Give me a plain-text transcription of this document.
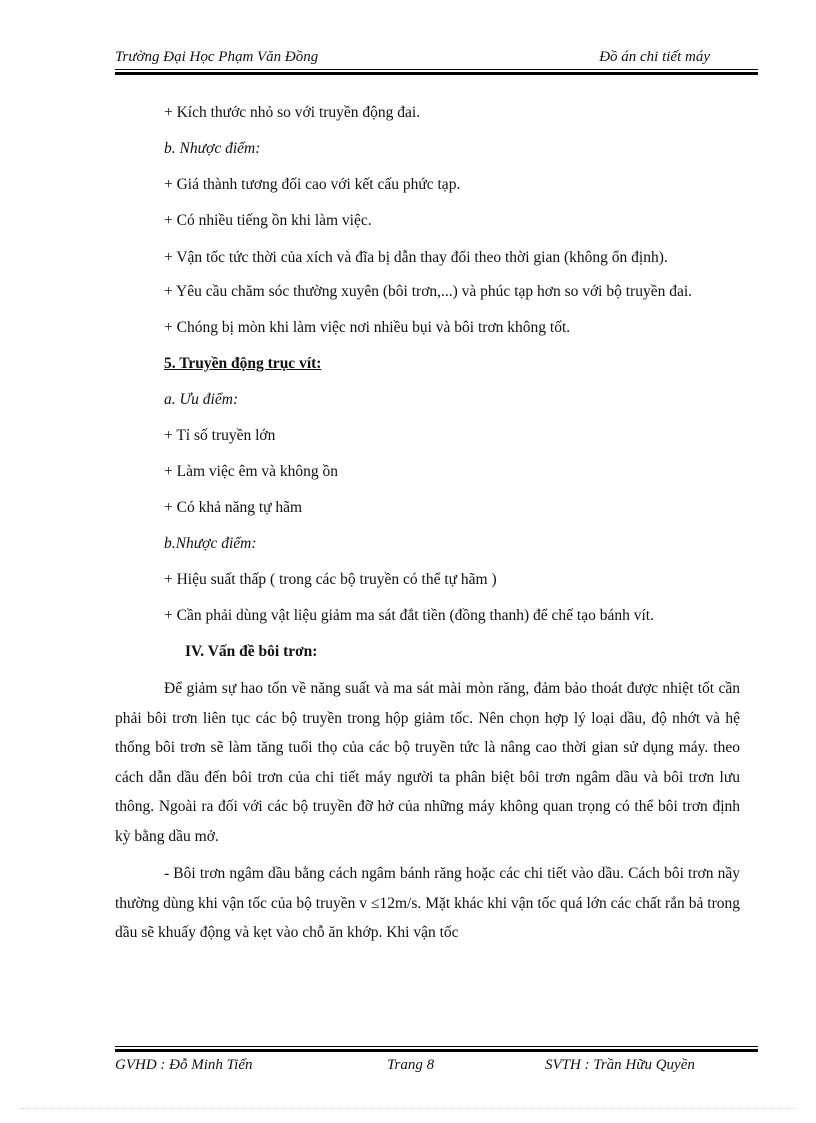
Trường Đại Học Phạm Văn Đồng	Đồ án chi tiết máy

+ Kích thước nhỏ so với truyền động đai.

b. Nhược điểm:

+ Giá thành tương đối cao với kết cấu phức tạp.

+ Có nhiều tiếng ồn khi làm việc.

+ Vận tốc tức thời của xích và đĩa bị dẫn thay đổi theo thời gian (không ổn định).

+ Yêu cầu chăm sóc thường xuyên (bôi trơn,...) và phúc tạp hơn so với bộ truyền đai.

+ Chóng bị mòn khi làm việc nơi nhiều bụi và bôi trơn không tốt.

5. Truyền động trục vít:

a. Ưu điểm:

+ Tỉ số truyền lớn

+ Làm việc êm và không ồn

+ Có khả năng tự hãm

b.Nhược điểm:

+ Hiệu suất thấp ( trong các bộ truyền có thể tự hãm )

+ Cần phải dùng vật liệu giảm ma sát đắt tiền (đồng thanh) để chế tạo bánh vít.

IV. Vấn đề bôi trơn:

Để giảm sự hao tốn về năng suất và ma sát mài mòn răng, đảm bảo thoát được nhiệt tốt cần phải bôi trơn liên tục các bộ truyền trong hộp giảm tốc. Nên chọn hợp lý loại dầu, độ nhớt và hệ thống bôi trơn sẽ làm tăng tuổi thọ của các bộ truyền tức là nâng cao thời gian sử dụng máy. theo cách dẫn dầu đến bôi trơn của chi tiết máy người ta phân biệt bôi trơn ngâm dầu và bôi trơn lưu thông. Ngoài ra đối với các bộ truyền đỡ hở của những máy không quan trọng có thể bôi trơn định kỳ bằng dầu mở.

- Bôi trơn ngâm dầu bằng cách ngâm bánh răng hoặc các chi tiết vào dầu. Cách bôi trơn nầy thường dùng khi vận tốc của bộ truyền v ≤12m/s. Mặt khác khi vận tốc quá lớn các chất rắn bả trong dầu sẽ khuấy động và kẹt vào chỗ ăn khớp. Khi vận tốc

GVHD : Đỗ Minh Tiến	Trang 8	SVTH : Trần Hữu Quyền
